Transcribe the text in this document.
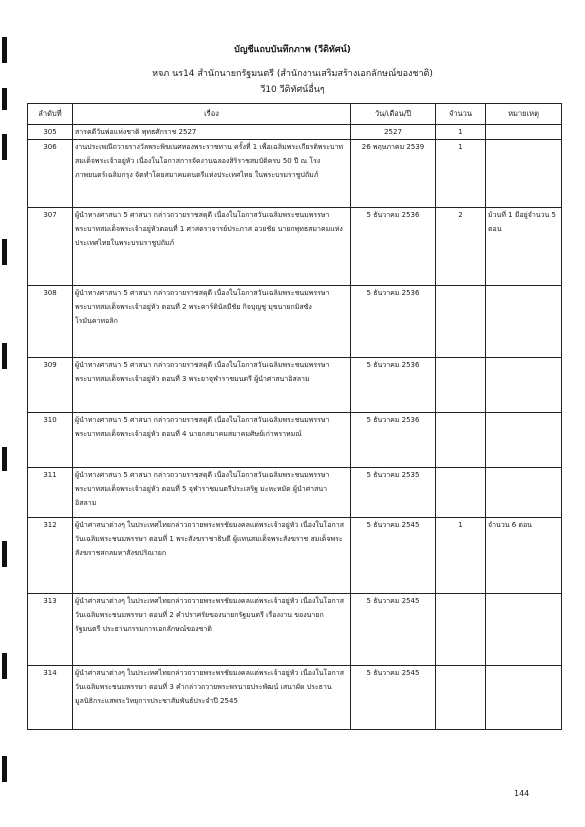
บัญชีแถบบันทึกภาพ (วีดิทัศน์)
หจภ นร14 สำนักนายกรัฐมนตรี (สำนักงานเสริมสร้างเอกลักษณ์ของชาติ)
วี10 วีดิทัศน์อื่นๆ
ลำดับที่	เรื่อง	วัน/เดือน/ปี	จำนวน	หมายเหตุ
305	สารคดีวันพ่อแห่งชาติ พุทธศักราช 2527	2527	1	
306	งานประเพณีถวายรางวัลพระพิฆเนศทองพระราชทาน ครั้งที่ 1 เพื่อเฉลิมพระเกียรติพระบาทสมเด็จพระเจ้าอยู่หัว เนื่องในโอกาสการจัดงานฉลองสิริราชสมบัติครบ 50 ปี ณ โรงภาพยนตร์เฉลิมกรุง จัดทำโดยสมาคมดนตรีแห่งประเทศไทย ในพระบรมราชูปถัมภ์	26 พฤษภาคม 2539	1	
307	ผู้นำทางศาสนา 5 ศาสนา กล่าวถวายราชสดุดี เนื่องในโอกาสวันเฉลิมพระชนมพรรษาพระบาทสมเด็จพระเจ้าอยู่หัวตอนที่ 1 ศาสตราจารย์ประภาส อวยชัย นายกพุทธสมาคมแห่งประเทศไทยในพระบรมราชูปถัมภ์	5 ธันวาคม 2536	2	ม้วนที่ 1 มีอยู่จำนวน 5 ตอน
308	ผู้นำทางศาสนา 5 ศาสนา กล่าวถวายราชสดุดี เนื่องในโอกาสวันเฉลิมพระชนมพรรษาพระบาทสมเด็จพระเจ้าอยู่หัว ตอนที่ 2 พระคาร์ดินัลมีชัย กิจบุญชู มุขนายกมิสซังโรมันคาทอลิก	5 ธันวาคม 2536		
309	ผู้นำทางศาสนา 5 ศาสนา กล่าวถวายราชสดุดี เนื่องในโอกาสวันเฉลิมพระชนมพรรษาพระบาทสมเด็จพระเจ้าอยู่หัว ตอนที่ 3 พระยาจุฬาราชมนตรี ผู้นำศาสนาอิสลาม	5 ธันวาคม 2536		
310	ผู้นำทางศาสนา 5 ศาสนา กล่าวถวายราชสดุดี เนื่องในโอกาสวันเฉลิมพระชนมพรรษาพระบาทสมเด็จพระเจ้าอยู่หัว ตอนที่ 4 นายกสมาคมสมาคมศิษย์เก่าพราหมณ์	5 ธันวาคม 2536		
311	ผู้นำทางศาสนา 5 ศาสนา กล่าวถวายราชสดุดี เนื่องในโอกาสวันเฉลิมพระชนมพรรษาพระบาทสมเด็จพระเจ้าอยู่หัว ตอนที่ 5 จุฬาราชมนตรีประเสริฐ มะหะหมัด ผู้นำศาสนาอิสลาม	5 ธันวาคม 2535		
312	ผู้นำศาสนาต่างๆ ในประเทศไทยกล่าวถวายพระพรชัยมงคลแด่พระเจ้าอยู่หัว เนื่องในโอกาสวันเฉลิมพระชนมพรรษา ตอนที่ 1 พระสังฆราชาธิบดี ผู้แทนสมเด็จพระสังฆราช สมเด็จพระสังฆราชสกลมหาสังฆปริณายก	5 ธันวาคม 2545	1	จำนวน 6 ตอน
313	ผู้นำศาสนาต่างๆ ในประเทศไทยกล่าวถวายพระพรชัยมงคลแด่พระเจ้าอยู่หัว เนื่องในโอกาสวันเฉลิมพระชนมพรรษา ตอนที่ 2 คำปราศรัยของนายกรัฐมนตรี เรื่องงาน ของนายกรัฐมนตรี ประธานกรรมการเอกลักษณ์ของชาติ	5 ธันวาคม 2545		
314	ผู้นำศาสนาต่างๆ ในประเทศไทยกล่าวถวายพระพรชัยมงคลแด่พระเจ้าอยู่หัว เนื่องในโอกาสวันเฉลิมพระชนมพรรษา ตอนที่ 3 คำกล่าวถวายพระพรนายประพัฒน์ เสนาผัด ประธานมูลนิธิกระแสพระวิทยุการประชาสัมพันธ์ประจำปี 2545	5 ธันวาคม 2545		
144
